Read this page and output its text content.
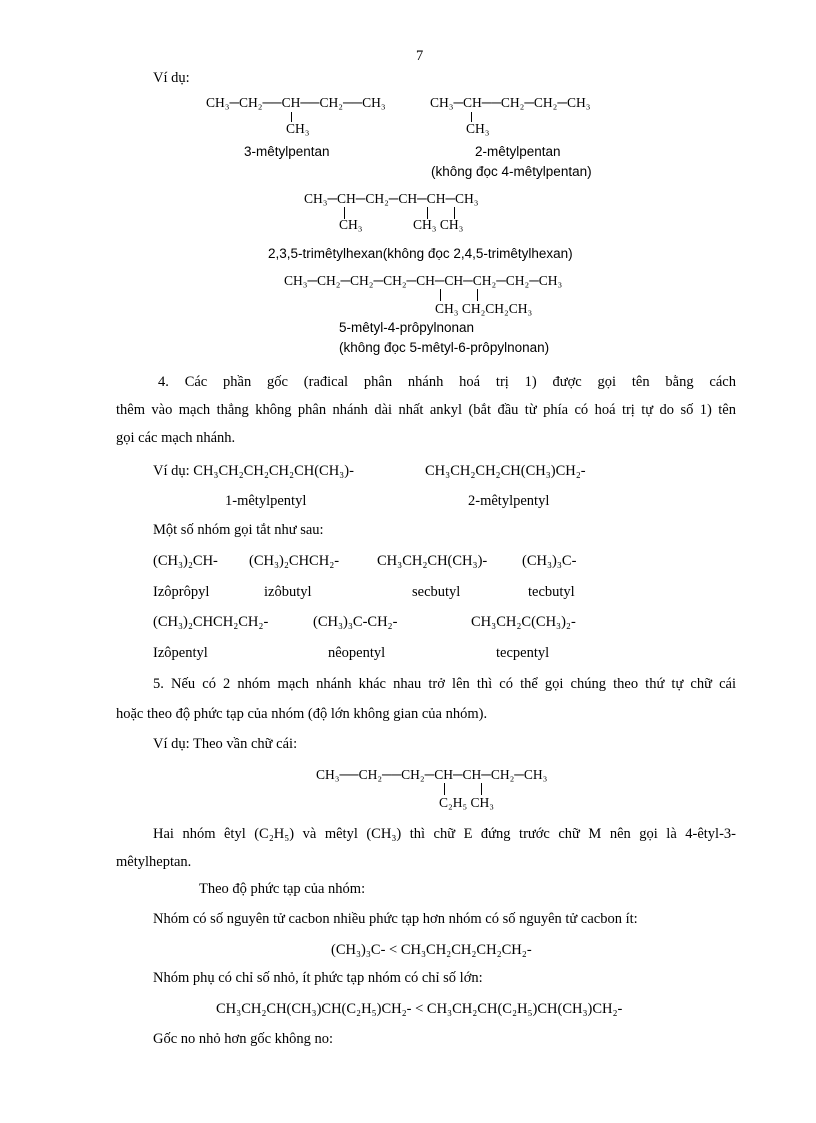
7
Ví dụ:
CH₃─CH₂──CH──CH₂──CH₃
CH₃
3-mêtylpentan
CH₃─CH──CH₂─CH₂─CH₃
CH₃
2-mêtylpentan
(không đọc 4-mêtylpentan)
CH₃─CH─CH₂─CH─CH─CH₃
CH₃	CH₃ CH₃
2,3,5-trimêtylhexan(không đọc 2,4,5-trimêtylhexan)
CH₃─CH₂─CH₂─CH₂─CH─CH─CH₂─CH₂─CH₃
CH₃ CH₂CH₂CH₃
5-mêtyl-4-prôpylnonan
(không đọc 5-mêtyl-6-prôpylnonan)
4. Các phần gốc (rađical phân nhánh hoá trị 1) được gọi tên bằng cách
thêm vào mạch thẳng không phân nhánh dài nhất ankyl (bắt đầu từ phía có hoá trị tự do số 1) tên
gọi các mạch nhánh.
Ví dụ: CH₃CH₂CH₂CH₂CH(CH₃)-	CH₃CH₂CH₂CH(CH₃)CH₂-
1-mêtylpentyl	2-mêtylpentyl
Một số nhóm gọi tắt như sau:
(CH₃)₂CH- (CH₃)₂CHCH₂-	CH₃CH₂CH(CH₃)- (CH₃)₃C-
Izôprôpyl	izôbutyl	secbutyl	tecbutyl
(CH₃)₂CHCH₂CH₂-	(CH₃)₃C-CH₂-	CH₃CH₂C(CH₃)₂-
Izôpentyl	nêopentyl	tecpentyl
5. Nếu có 2 nhóm mạch nhánh khác nhau trở lên thì có thể gọi chúng theo thứ tự chữ cái
hoặc theo độ phức tạp của nhóm (độ lớn không gian của nhóm).
Ví dụ: Theo vần chữ cái:
CH₃──CH₂──CH₂─CH─CH─CH₂─CH₃
C₂H₅ CH₃
Hai nhóm êtyl (C₂H₅) và mêtyl (CH₃) thì chữ E đứng trước chữ M nên gọi là 4-êtyl-3-
mêtylheptan.
Theo độ phức tạp của nhóm:
Nhóm có số nguyên tử cacbon nhiều phức tạp hơn nhóm có số nguyên tử cacbon ít:
(CH₃)₃C- < CH₃CH₂CH₂CH₂CH₂-
Nhóm phụ có chỉ số nhỏ, ít phức tạp nhóm có chỉ số lớn:
CH₃CH₂CH(CH₃)CH(C₂H₅)CH₂- < CH₃CH₂CH(C₂H₅)CH(CH₃)CH₂-
Gốc no nhỏ hơn gốc không no:
